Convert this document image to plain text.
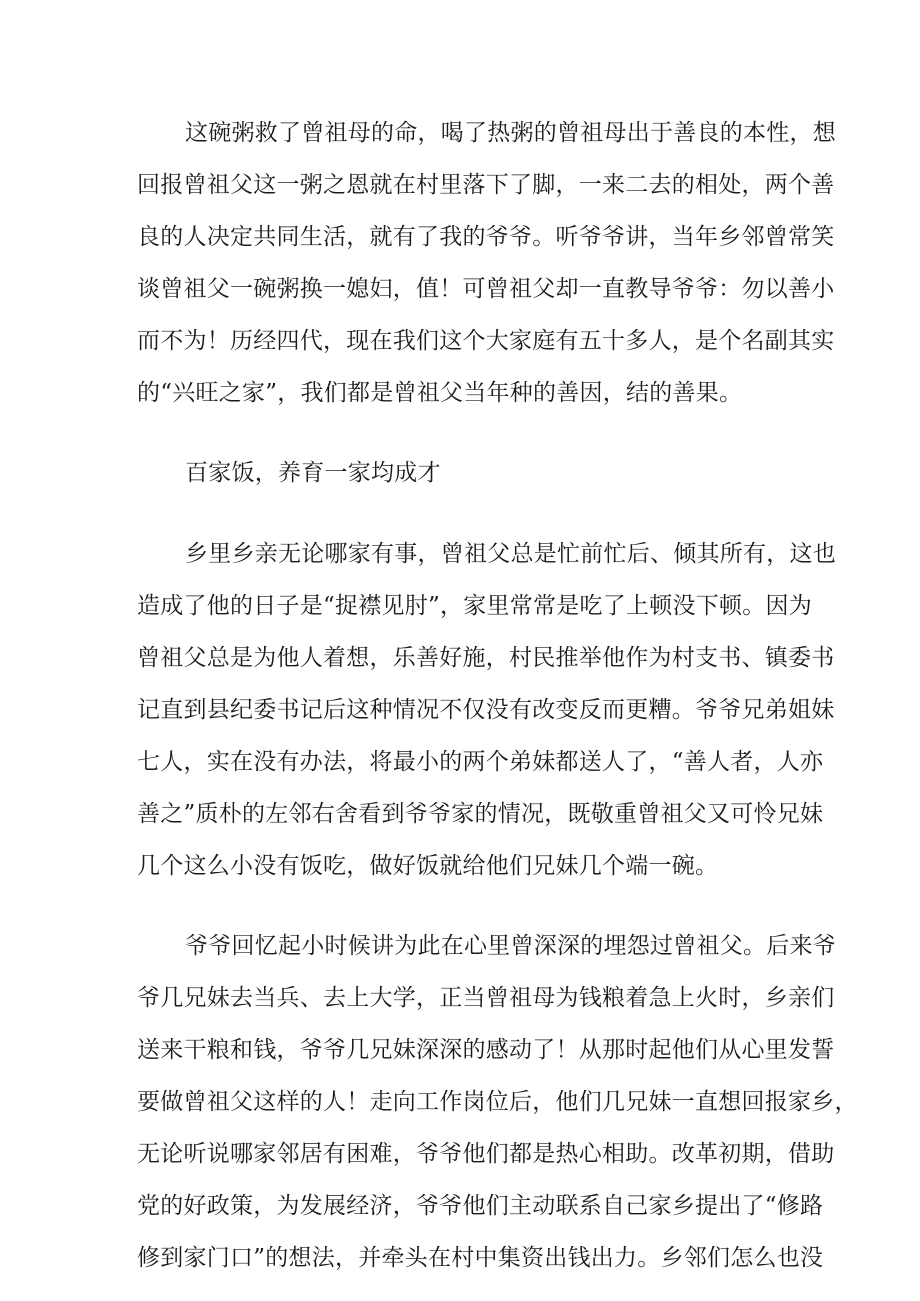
这碗粥救了曾祖母的命，喝了热粥的曾祖母出于善良的本性，想
回报曾祖父这一粥之恩就在村里落下了脚，一来二去的相处，两个善
良的人决定共同生活，就有了我的爷爷。听爷爷讲，当年乡邻曾常笑
谈曾祖父一碗粥换一媳妇，值！可曾祖父却一直教导爷爷：勿以善小
而不为！历经四代，现在我们这个大家庭有五十多人，是个名副其实
的“兴旺之家”，我们都是曾祖父当年种的善因，结的善果。
百家饭，养育一家均成才
乡里乡亲无论哪家有事，曾祖父总是忙前忙后、倾其所有，这也
造成了他的日子是“捉襟见肘”，家里常常是吃了上顿没下顿。因为
曾祖父总是为他人着想，乐善好施，村民推举他作为村支书、镇委书
记直到县纪委书记后这种情况不仅没有改变反而更糟。爷爷兄弟姐妹
七人，实在没有办法，将最小的两个弟妹都送人了，“善人者，人亦
善之”质朴的左邻右舍看到爷爷家的情况，既敬重曾祖父又可怜兄妹
几个这么小没有饭吃，做好饭就给他们兄妹几个端一碗。
爷爷回忆起小时候讲为此在心里曾深深的埋怨过曾祖父。后来爷
爷几兄妹去当兵、去上大学，正当曾祖母为钱粮着急上火时，乡亲们
送来干粮和钱，爷爷几兄妹深深的感动了！从那时起他们从心里发誓
要做曾祖父这样的人！走向工作岗位后，他们几兄妹一直想回报家乡，
无论听说哪家邻居有困难，爷爷他们都是热心相助。改革初期，借助
党的好政策，为发展经济，爷爷他们主动联系自己家乡提出了“修路
修到家门口”的想法，并牵头在村中集资出钱出力。乡邻们怎么也没
